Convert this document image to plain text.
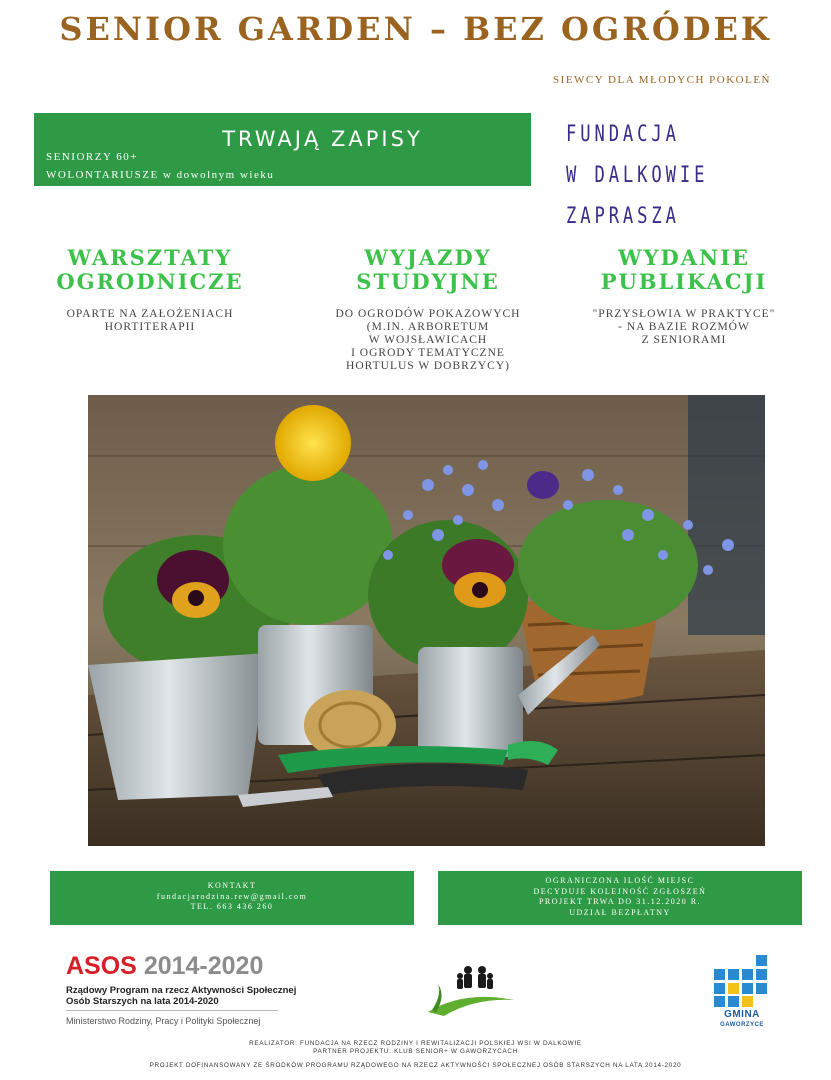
SENIOR GARDEN – BEZ OGRÓDEK
SIEWCY DLA MŁODYCH POKOLEŃ
TRWAJĄ ZAPISY
SENIORZY 60+
WOLONTARIUSZE w dowolnym wieku
FUNDACJA
W DALKOWIE
ZAPRASZA
WARSZTATY
OGRODNICZE
OPARTE NA ZAŁOŻENIACH
HORTITERAPII
WYJAZDY
STUDYJNE
DO OGRODÓW POKAZOWYCH
(M.IN. ARBORETUM
W WOJSŁAWICACH
I OGRODY TEMATYCZNE
HORTULUS W DOBRZYCY)
WYDANIE
PUBLIKACJI
"PRZYSŁOWIA W PRAKTYCE"
- NA BAZIE ROZMÓW
Z SENIORAMI
KONTAKT
fundacjarodzina.rew@gmail.com
TEL. 663 436 260
OGRANICZONA ILOŚĆ MIEJSC
DECYDUJE KOLEJNOŚĆ ZGŁOSZEŃ
PROJEKT TRWA DO 31.12.2020 R.
UDZIAŁ BEZPŁATNY
ASOS 2014-2020
Rządowy Program na rzecz Aktywności Społecznej
Osób Starszych na lata 2014-2020
Ministerstwo Rodziny, Pracy i Polityki Społecznej
GMINA
GAWORZYCE
REALIZATOR: FUNDACJA NA RZECZ RODZINY I REWITALIZACJI POLSKIEJ WSI W DALKOWIE
PARTNER PROJEKTU: KLUB SENIOR+ W GAWORZYCACH
PROJEKT DOFINANSOWANY ZE ŚRODKÓW PROGRAMU RZĄDOWEGO NA RZECZ AKTYWNOŚCI SPOŁECZNEJ OSÓB STARSZYCH NA LATA 2014-2020
